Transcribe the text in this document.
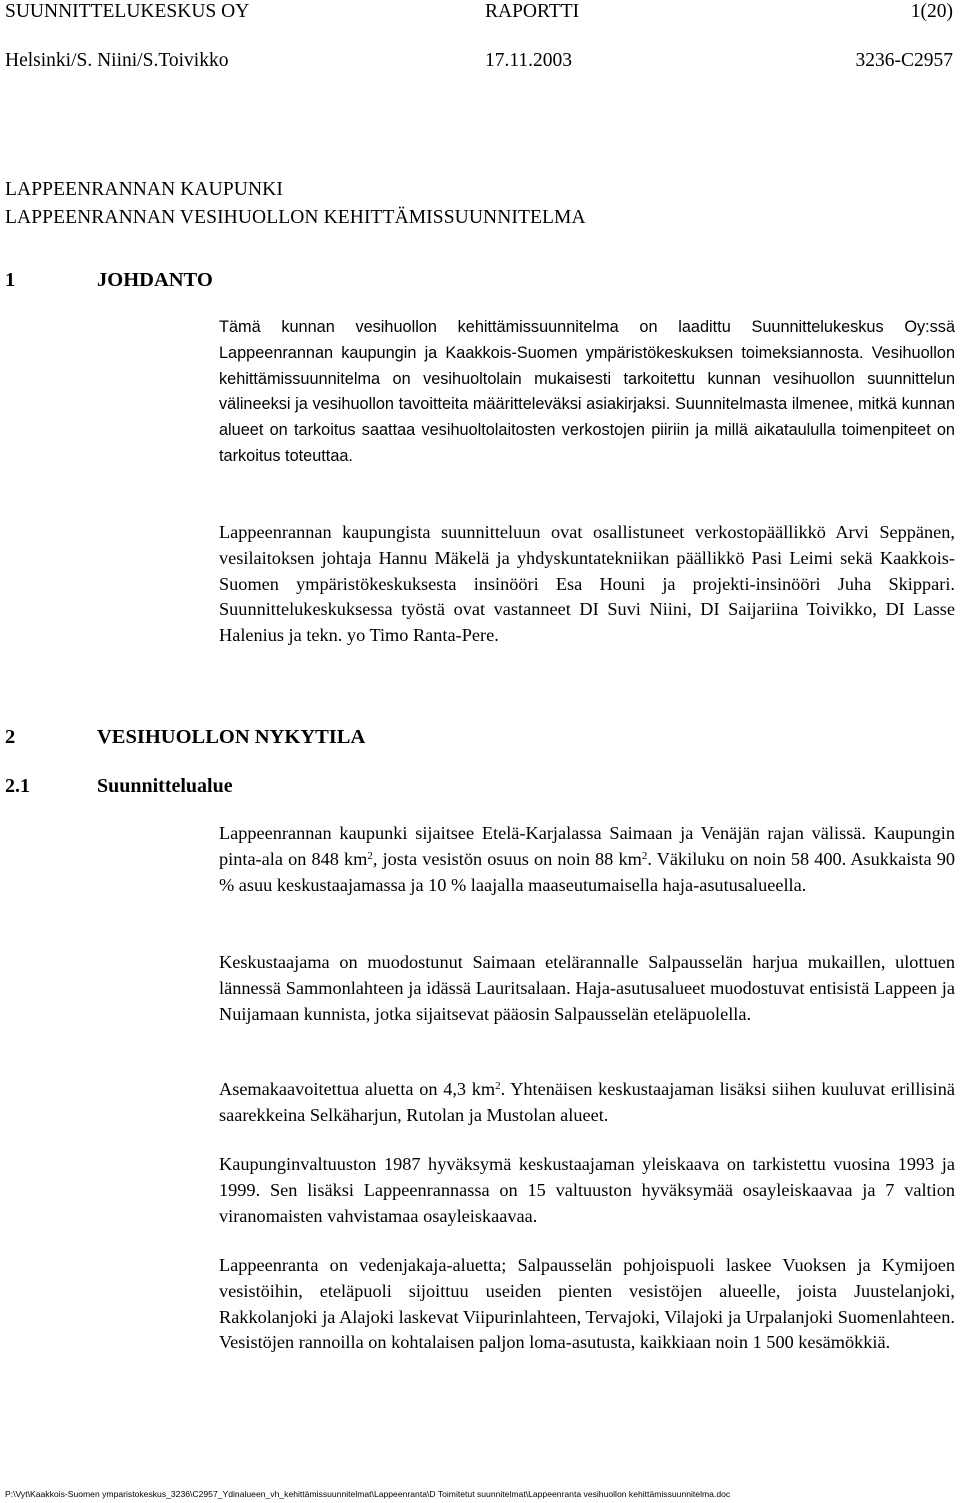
SUUNNITTELUKESKUS OY	RAPORTTI	1(20)
Helsinki/S. Niini/S.Toivikko	17.11.2003	3236-C2957
LAPPEENRANNAN KAUPUNKI
LAPPEENRANNAN VESIHUOLLON KEHITTÄMISSUUNNITELMA
1	JOHDANTO

Tämä kunnan vesihuollon kehittämissuunnitelma on laadittu Suunnittelukeskus Oy:ssä Lappeenrannan kaupungin ja Kaakkois-Suomen ympäristökeskuksen toimeksiannosta. Vesihuollon kehittämissuunnitelma on vesihuoltolain mukaisesti tarkoitettu kunnan vesihuollon suunnittelun välineeksi ja vesihuollon tavoitteita määritteleväksi asiakirjaksi. Suunnitelmasta ilmenee, mitkä kunnan alueet on tarkoitus saattaa vesihuoltolaitosten verkostojen piiriin ja millä aikataululla toimenpiteet on tarkoitus toteuttaa.

Lappeenrannan kaupungista suunnitteluun ovat osallistuneet verkostopäällikkö Arvi Seppänen, vesilaitoksen johtaja Hannu Mäkelä ja yhdyskuntatekniikan päällikkö Pasi Leimi sekä Kaakkois-Suomen ympäristökeskuksesta insinööri Esa Houni ja projekti-insinööri Juha Skippari. Suunnittelukeskuksessa työstä ovat vastanneet DI Suvi Niini, DI Saijariina Toivikko, DI Lasse Halenius ja tekn. yo Timo Ranta-Pere.

2	VESIHUOLLON NYKYTILA
2.1	Suunnittelualue

Lappeenrannan kaupunki sijaitsee Etelä-Karjalassa Saimaan ja Venäjän rajan välissä. Kaupungin pinta-ala on 848 $km^2$, josta vesistön osuus on noin 88 $km^2$. Väkiluku on noin 58 400. Asukkaista 90 % asuu keskustaajamassa ja 10 % laajalla maaseutumaisella haja-asutusalueella.

Keskustaajama on muodostunut Saimaan etelärannalle Salpausselän harjua mukaillen, ulottuen lännessä Sammonlahteen ja idässä Lauritsalaan. Haja-asutusalueet muodostuvat entisistä Lappeen ja Nuijamaan kunnista, jotka sijaitsevat pääosin Salpausselän eteläpuolella.

Asemakaavoitettua aluetta on 4,3 $km^2$. Yhtenäisen keskustaajaman lisäksi siihen kuuluvat erillisinä saarekkeina Selkäharjun, Rutolan ja Mustolan alueet.

Kaupunginvaltuuston 1987 hyväksymä keskustaajaman yleiskaava on tarkistettu vuosina 1993 ja 1999. Sen lisäksi Lappeenrannassa on 15 valtuuston hyväksymää osayleiskaavaa ja 7 valtion viranomaisten vahvistamaa osayleiskaavaa.

Lappeenranta on vedenjakaja-aluetta; Salpausselän pohjoispuoli laskee Vuoksen ja Kymijoen vesistöihin, eteläpuoli sijoittuu useiden pienten vesistöjen alueelle, joista Juustelanjoki, Rakkolanjoki ja Alajoki laskevat Viipurinlahteen, Tervajoki, Vilajoki ja Urpalanjoki Suomenlahteen. Vesistöjen rannoilla on kohtalaisen paljon loma-asutusta, kaikkiaan noin 1 500 kesämökkiä.

P:\Vyt\Kaakkois-Suomen ymparistokeskus_3236\C2957_Ydinalueen_vh_kehittämissuunnitelmat\Lappeenranta\D Toimitetut suunnitelmat\Lappeenranta vesihuollon kehittämissuunnitelma.doc
